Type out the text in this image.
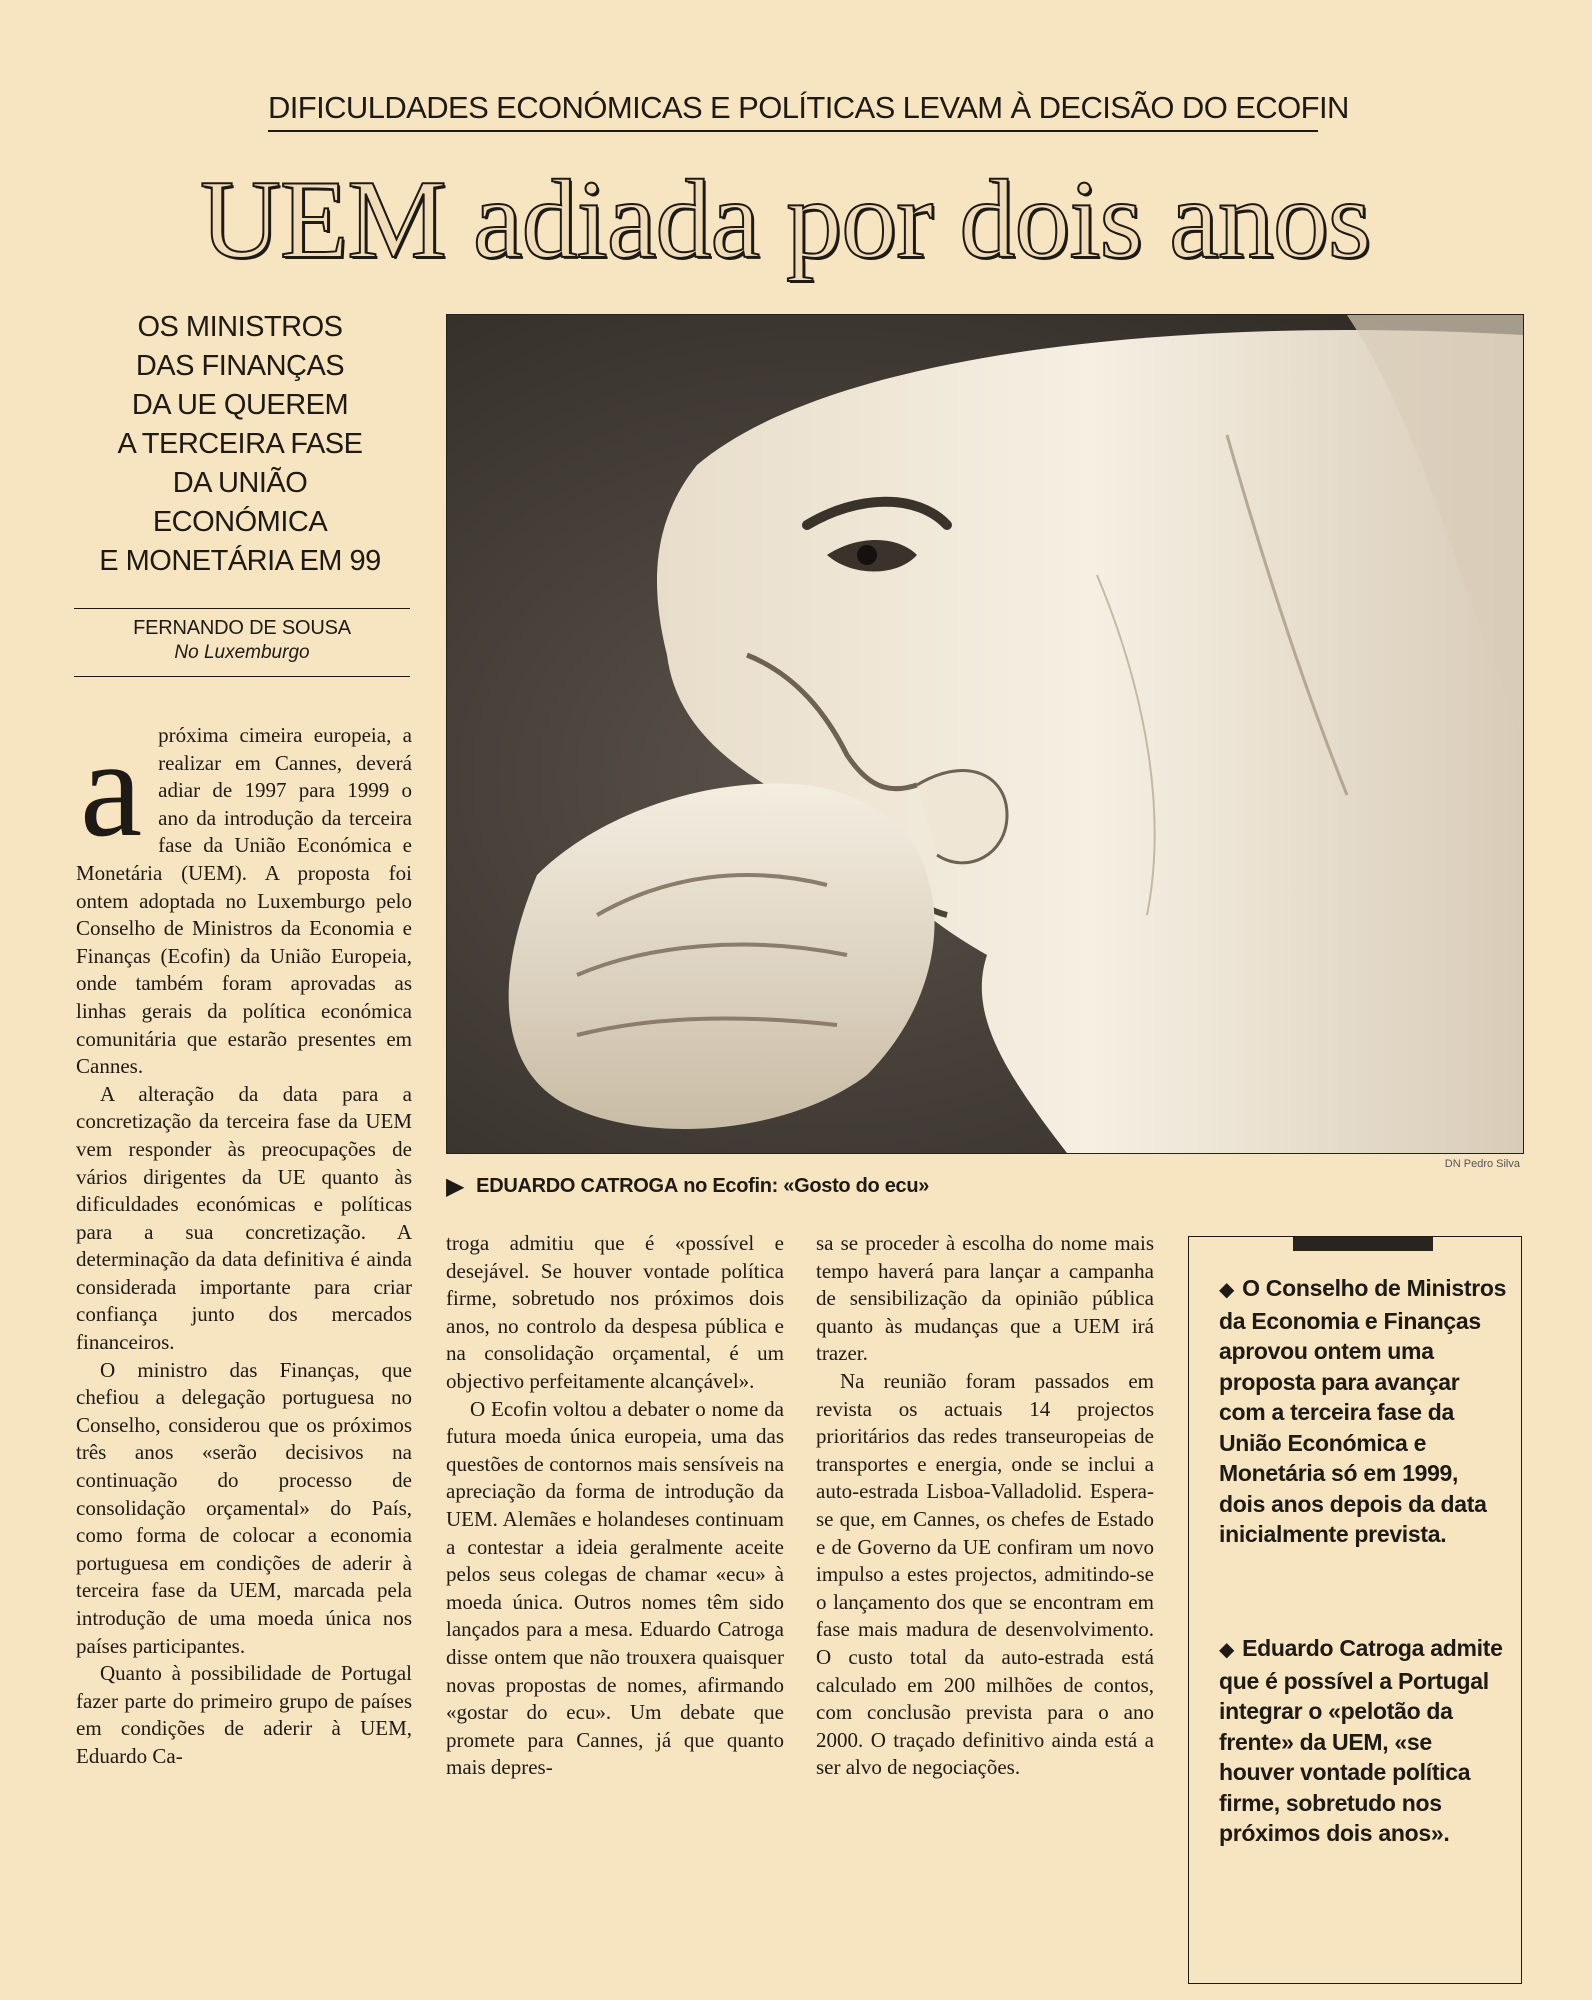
DIFICULDADES ECONÓMICAS E POLÍTICAS LEVAM À DECISÃO DO ECOFIN
UEM adiada por dois anos
OS MINISTROS
DAS FINANÇAS
DA UE QUEREM
A TERCEIRA FASE
DA UNIÃO
ECONÓMICA
E MONETÁRIA EM 99
FERNANDO DE SOUSA
No Luxemburgo
DN Pedro Silva
▶ EDUARDO CATROGA no Ecofin: «Gosto do ecu»
a próxima cimeira europeia, a realizar em Cannes, deverá adiar de 1997 para 1999 o ano da introdução da terceira fase da União Económica e Monetária (UEM). A proposta foi ontem adoptada no Luxemburgo pelo Conselho de Ministros da Economia e Finanças (Ecofin) da União Europeia, onde também foram aprovadas as linhas gerais da política económica comunitária que estarão presentes em Cannes.

A alteração da data para a concretização da terceira fase da UEM vem responder às preocupações de vários dirigentes da UE quanto às dificuldades económicas e políticas para a sua concretização. A determinação da data definitiva é ainda considerada importante para criar confiança junto dos mercados financeiros.

O ministro das Finanças, que chefiou a delegação portuguesa no Conselho, considerou que os próximos três anos «serão decisivos na continuação do processo de consolidação orçamental» do País, como forma de colocar a economia portuguesa em condições de aderir à terceira fase da UEM, marcada pela introdução de uma moeda única nos países participantes.

Quanto à possibilidade de Portugal fazer parte do primeiro grupo de países em condições de aderir à UEM, Eduardo Ca-

troga admitiu que é «possível e desejável. Se houver vontade política firme, sobretudo nos próximos dois anos, no controlo da despesa pública e na consolidação orçamental, é um objectivo perfeitamente alcançável».

O Ecofin voltou a debater o nome da futura moeda única europeia, uma das questões de contornos mais sensíveis na apreciação da forma de introdução da UEM. Alemães e holandeses continuam a contestar a ideia geralmente aceite pelos seus colegas de chamar «ecu» à moeda única. Outros nomes têm sido lançados para a mesa. Eduardo Catroga disse ontem que não trouxera quaisquer novas propostas de nomes, afirmando «gostar do ecu». Um debate que promete para Cannes, já que quanto mais depres-

sa se proceder à escolha do nome mais tempo haverá para lançar a campanha de sensibilização da opinião pública quanto às mudanças que a UEM irá trazer.

Na reunião foram passados em revista os actuais 14 projectos prioritários das redes transeuropeias de transportes e energia, onde se inclui a auto-estrada Lisboa-Valladolid. Espera-se que, em Cannes, os chefes de Estado e de Governo da UE confiram um novo impulso a estes projectos, admitindo-se o lançamento dos que se encontram em fase mais madura de desenvolvimento. O custo total da auto-estrada está calculado em 200 milhões de contos, com conclusão prevista para o ano 2000. O traçado definitivo ainda está a ser alvo de negociações.

◆ O Conselho de Ministros da Economia e Finanças aprovou ontem uma proposta para avançar com a terceira fase da União Económica e Monetária só em 1999, dois anos depois da data inicialmente prevista.
◆ Eduardo Catroga admite que é possível a Portugal integrar o «pelotão da frente» da UEM, «se houver vontade política firme, sobretudo nos próximos dois anos».
